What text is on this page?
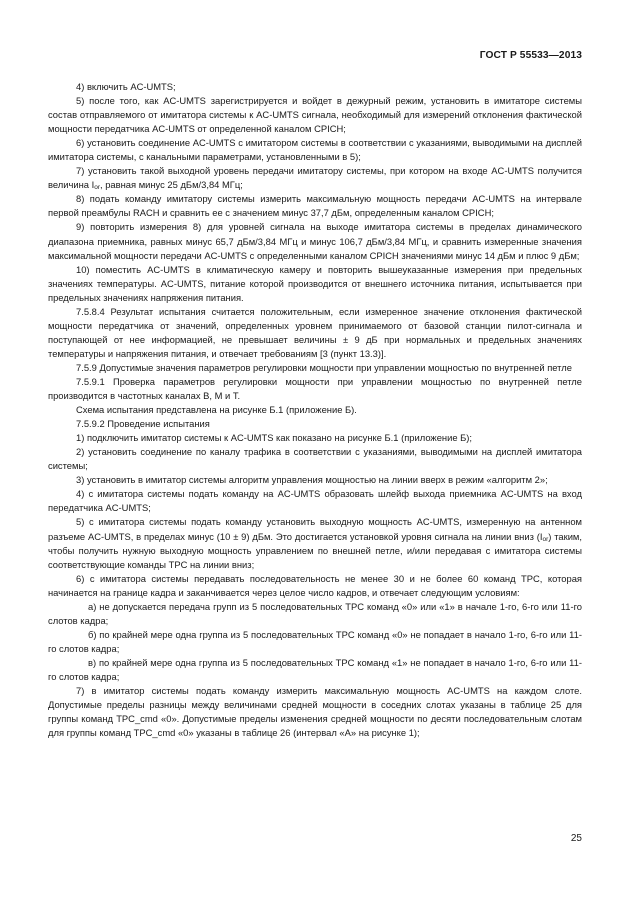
ГОСТ Р 55533—2013

4) включить AC-UMTS;

5) после того, как AC-UMTS зарегистрируется и войдет в дежурный режим, установить в имитаторе системы состав отправляемого от имитатора системы к AC-UMTS сигнала, необходимый для измерений отклонения фактической мощности передатчика AC-UMTS от определенной каналом CPICH;

6) установить соединение AC-UMTS с имитатором системы в соответствии с указаниями, выводимыми на дисплей имитатора системы, с канальными параметрами, установленными в 5);

7) установить такой выходной уровень передачи имитатору системы, при котором на входе AC-UMTS получится величина $I_{or}$, равная минус 25 дБм/3,84 МГц;

8) подать команду имитатору системы измерить максимальную мощность передачи AC-UMTS на интервале первой преамбулы RACH и сравнить ее с значением минус 37,7 дБм, определенным каналом CPICH;

9) повторить измерения 8) для уровней сигнала на выходе имитатора системы в пределах динамического диапазона приемника, равных минус 65,7 дБм/3,84 МГц и минус 106,7 дБм/3,84 МГц, и сравнить измеренные значения максимальной мощности передачи AC-UMTS с определенными каналом CPICH значениями минус 14 дБм и плюс 9 дБм;

10) поместить AC-UMTS в климатическую камеру и повторить вышеуказанные измерения при предельных значениях температуры. AC-UMTS, питание которой производится от внешнего источника питания, испытывается при предельных значениях напряжения питания.

7.5.8.4 Результат испытания считается положительным, если измеренное значение отклонения фактической мощности передатчика от значений, определенных уровнем принимаемого от базовой станции пилот-сигнала и поступающей от нее информацией, не превышает величины ± 9 дБ при нормальных и предельных значениях температуры и напряжения питания, и отвечает требованиям [3 (пункт 13.3)].

7.5.9 Допустимые значения параметров регулировки мощности при управлении мощностью по внутренней петле

7.5.9.1 Проверка параметров регулировки мощности при управлении мощностью по внутренней петле производится в частотных каналах B, M и T.

Схема испытания представлена на рисунке Б.1 (приложение Б).

7.5.9.2 Проведение испытания

1) подключить имитатор системы к AC-UMTS как показано на рисунке Б.1 (приложение Б);

2) установить соединение по каналу трафика в соответствии с указаниями, выводимыми на дисплей имитатора системы;

3) установить в имитатор системы алгоритм управления мощностью на линии вверх в режим «алгоритм 2»;

4) с имитатора системы подать команду на AC-UMTS образовать шлейф выхода приемника AC-UMTS на вход передатчика AC-UMTS;

5) с имитатора системы подать команду установить выходную мощность AC-UMTS, измеренную на антенном разъеме AC-UMTS, в пределах минус (10 ± 9) дБм. Это достигается установкой уровня сигнала на линии вниз $(I_{or})$ таким, чтобы получить нужную выходную мощность управлением по внешней петле, и/или передавая с имитатора системы соответствующие команды TPC на линии вниз;

6) с имитатора системы передавать последовательность не менее 30 и не более 60 команд TPC, которая начинается на границе кадра и заканчивается через целое число кадров, и отвечает следующим условиям:

а) не допускается передача групп из 5 последовательных TPC команд «0» или «1» в начале 1-го, 6-го или 11-го слотов кадра;

б) по крайней мере одна группа из 5 последовательных TPC команд «0» не попадает в начало 1-го, 6-го или 11-го слотов кадра;

в) по крайней мере одна группа из 5 последовательных TPC команд «1» не попадает в начало 1-го, 6-го или 11-го слотов кадра;

7) в имитатор системы подать команду измерить максимальную мощность AC-UMTS на каждом слоте. Допустимые пределы разницы между величинами средней мощности в соседних слотах указаны в таблице 25 для группы команд TPC_cmd «0». Допустимые пределы изменения средней мощности по десяти последовательным слотам для группы команд TPC_cmd «0» указаны в таблице 26 (интервал «А» на рисунке 1);

25
